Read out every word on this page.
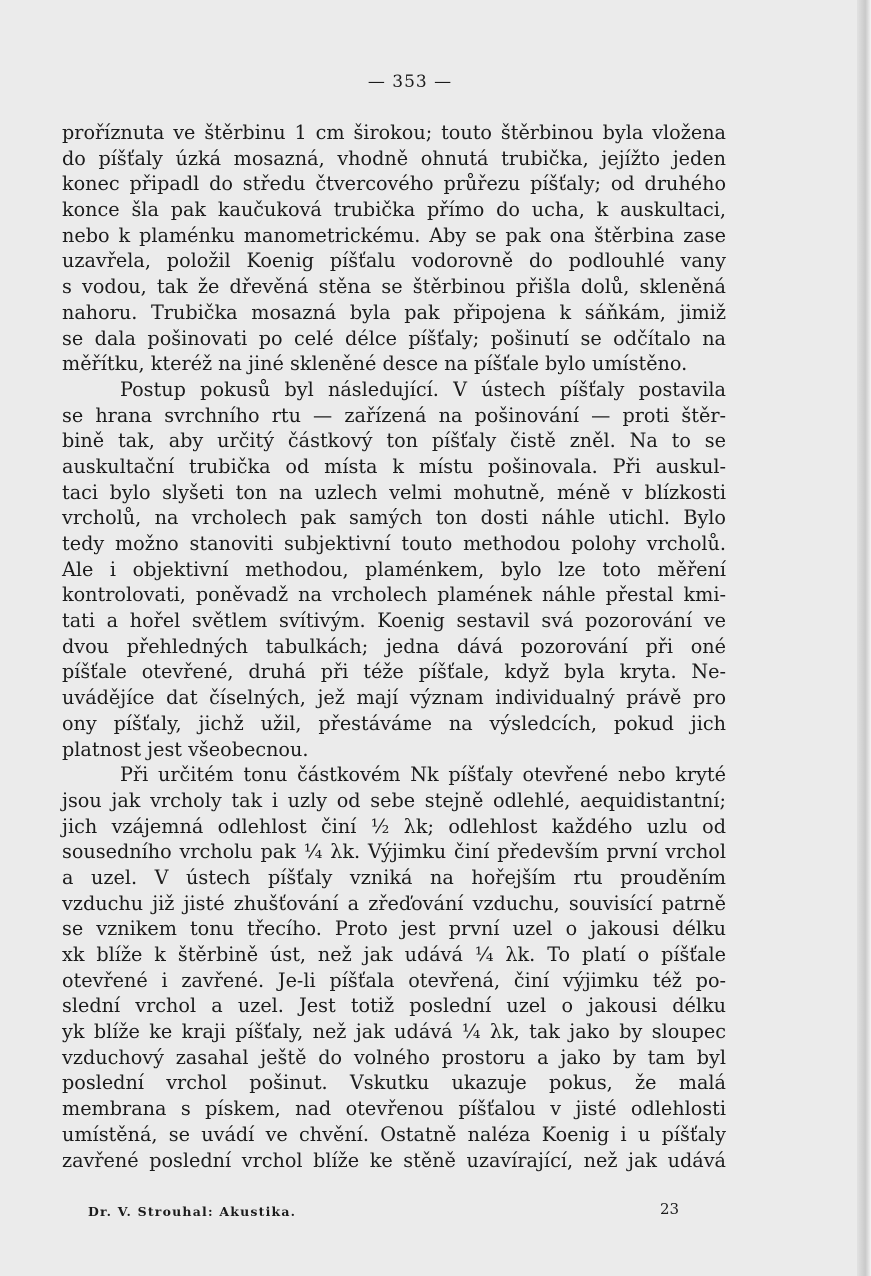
— 353 —
proříznuta ve štěrbinu 1 cm širokou; touto štěrbinou byla vložena
do píšťaly úzká mosazná, vhodně ohnutá trubička, jejížto jeden
konec připadl do středu čtvercového průřezu píšťaly; od druhého
konce šla pak kaučuková trubička přímo do ucha, k auskultaci,
nebo k plaménku manometrickému. Aby se pak ona štěrbina zase
uzavřela, položil Koenig píšťalu vodorovně do podlouhlé vany
s vodou, tak že dřevěná stěna se štěrbinou přišla dolů, skleněná
nahoru. Trubička mosazná byla pak připojena k sáňkám, jimiž
se dala pošinovati po celé délce píšťaly; pošinutí se odčítalo na
měřítku, kteréž na jiné skleněné desce na píšťale bylo umístěno.
Postup pokusů byl následující. V ústech píšťaly postavila
se hrana svrchního rtu — zařízená na pošinování — proti štěr-
bině tak, aby určitý částkový ton píšťaly čistě zněl. Na to se
auskultační trubička od místa k místu pošinovala. Při auskul-
taci bylo slyšeti ton na uzlech velmi mohutně, méně v blízkosti
vrcholů, na vrcholech pak samých ton dosti náhle utichl. Bylo
tedy možno stanoviti subjektivní touto methodou polohy vrcholů.
Ale i objektivní methodou, plaménkem, bylo lze toto měření
kontrolovati, poněvadž na vrcholech plamének náhle přestal kmi-
tati a hořel světlem svítivým. Koenig sestavil svá pozorování ve
dvou přehledných tabulkách; jedna dává pozorování při oné
píšťale otevřené, druhá při téže píšťale, když byla kryta. Ne-
uvádějíce dat číselných, jež mají význam individualný právě pro
ony píšťaly, jichž užil, přestáváme na výsledcích, pokud jich
platnost jest všeobecnou.
Při určitém tonu částkovém Nk píšťaly otevřené nebo kryté
jsou jak vrcholy tak i uzly od sebe stejně odlehlé, aequidistantní;
jich vzájemná odlehlost činí ½ λk; odlehlost každého uzlu od
sousedního vrcholu pak ¼ λk. Výjimku činí především první vrchol
a uzel. V ústech píšťaly vzniká na hořejším rtu prouděním
vzduchu již jisté zhušťování a zřeďování vzduchu, souvisící patrně
se vznikem tonu třecího. Proto jest první uzel o jakousi délku
xk blíže k štěrbině úst, než jak udává ¼ λk. To platí o píšťale
otevřené i zavřené. Je-li píšťala otevřená, činí výjimku též po-
slední vrchol a uzel. Jest totiž poslední uzel o jakousi délku
yk blíže ke kraji píšťaly, než jak udává ¼ λk, tak jako by sloupec
vzduchový zasahal ještě do volného prostoru a jako by tam byl
poslední vrchol pošinut. Vskutku ukazuje pokus, že malá
membrana s pískem, nad otevřenou píšťalou v jisté odlehlosti
umístěná, se uvádí ve chvění. Ostatně naléza Koenig i u píšťaly
zavřené poslední vrchol blíže ke stěně uzavírající, než jak udává
Dr. V. Strouhal: Akustika.	23
